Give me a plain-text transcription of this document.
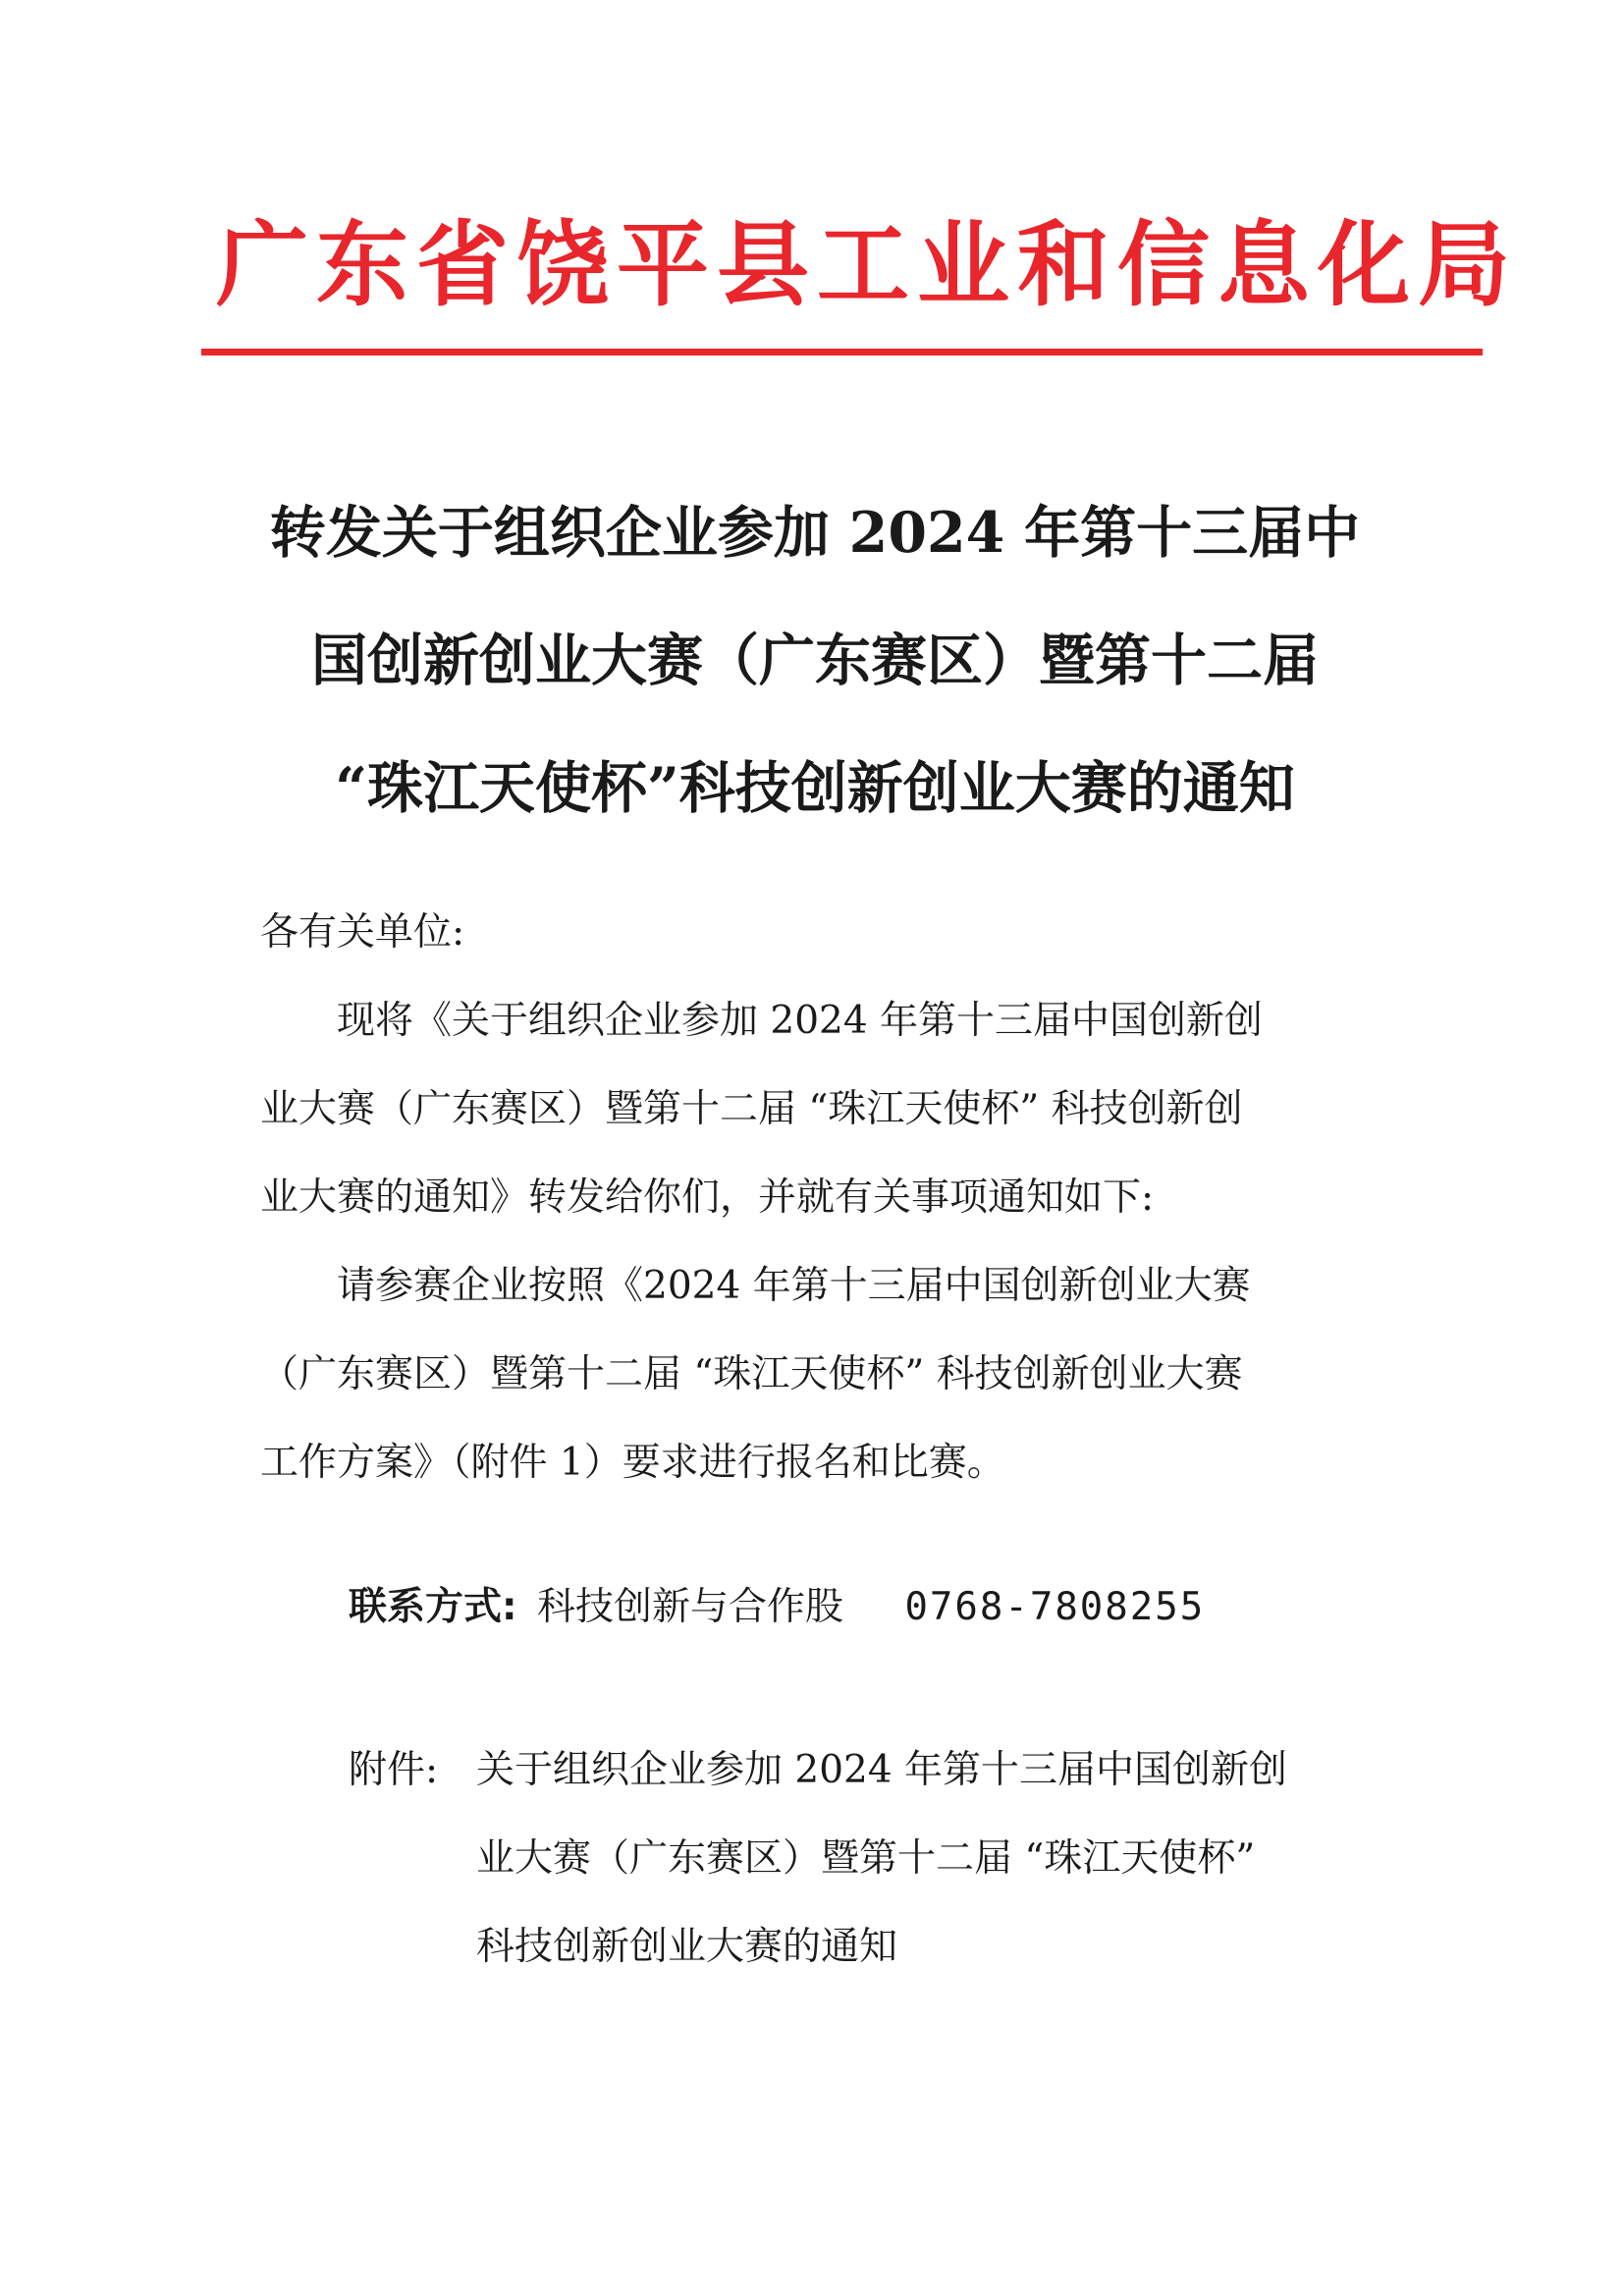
广东省饶平县工业和信息化局
转发关于组织企业参加 2024 年第十三届中
国创新创业大赛（广东赛区）暨第十二届
“珠江天使杯”科技创新创业大赛的通知
各有关单位:
　　现将《关于组织企业参加 2024 年第十三届中国创新创
业大赛（广东赛区）暨第十二届 “珠江天使杯” 科技创新创
业大赛的通知》转发给你们，并就有关事项通知如下:
　　请参赛企业按照《2024 年第十三届中国创新创业大赛
（广东赛区）暨第十二届 “珠江天使杯” 科技创新创业大赛
工作方案》（附件 1）要求进行报名和比赛。
联系方式: 科技创新与合作股 0768-7808255
附件: 关于组织企业参加 2024 年第十三届中国创新创
业大赛（广东赛区）暨第十二届 “珠江天使杯”
科技创新创业大赛的通知
